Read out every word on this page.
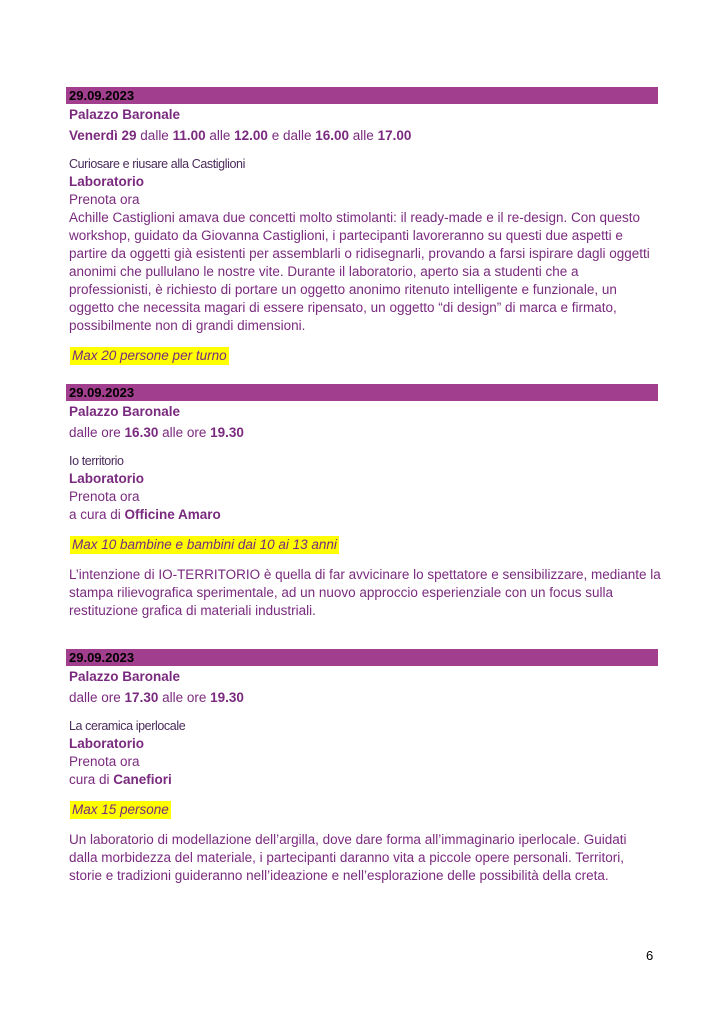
29.09.2023
Palazzo Baronale
Venerdì 29 dalle 11.00 alle 12.00 e dalle 16.00 alle 17.00
Curiosare e riusare alla Castiglioni
Laboratorio
Prenota ora
Achille Castiglioni amava due concetti molto stimolanti: il ready-made e il re-design. Con questo
workshop, guidato da Giovanna Castiglioni, i partecipanti lavoreranno su questi due aspetti e
partire da oggetti già esistenti per assemblarli o ridisegnarli, provando a farsi ispirare dagli oggetti
anonimi che pullulano le nostre vite. Durante il laboratorio, aperto sia a studenti che a
professionisti, è richiesto di portare un oggetto anonimo ritenuto intelligente e funzionale, un
oggetto che necessita magari di essere ripensato, un oggetto “di design” di marca e firmato,
possibilmente non di grandi dimensioni.
Max 20 persone per turno
29.09.2023
Palazzo Baronale
dalle ore 16.30 alle ore 19.30
Io territorio
Laboratorio
Prenota ora
a cura di Officine Amaro
Max 10 bambine e bambini dai 10 ai 13 anni
L’intenzione di IO-TERRITORIO è quella di far avvicinare lo spettatore e sensibilizzare, mediante la
stampa rilievografica sperimentale, ad un nuovo approccio esperienziale con un focus sulla
restituzione grafica di materiali industriali.
29.09.2023
Palazzo Baronale
dalle ore 17.30 alle ore 19.30
La ceramica iperlocale
Laboratorio
Prenota ora
cura di Canefiori
Max 15 persone
Un laboratorio di modellazione dell’argilla, dove dare forma all’immaginario iperlocale. Guidati
dalla morbidezza del materiale, i partecipanti daranno vita a piccole opere personali. Territori,
storie e tradizioni guideranno nell’ideazione e nell’esplorazione delle possibilità della creta.
6
